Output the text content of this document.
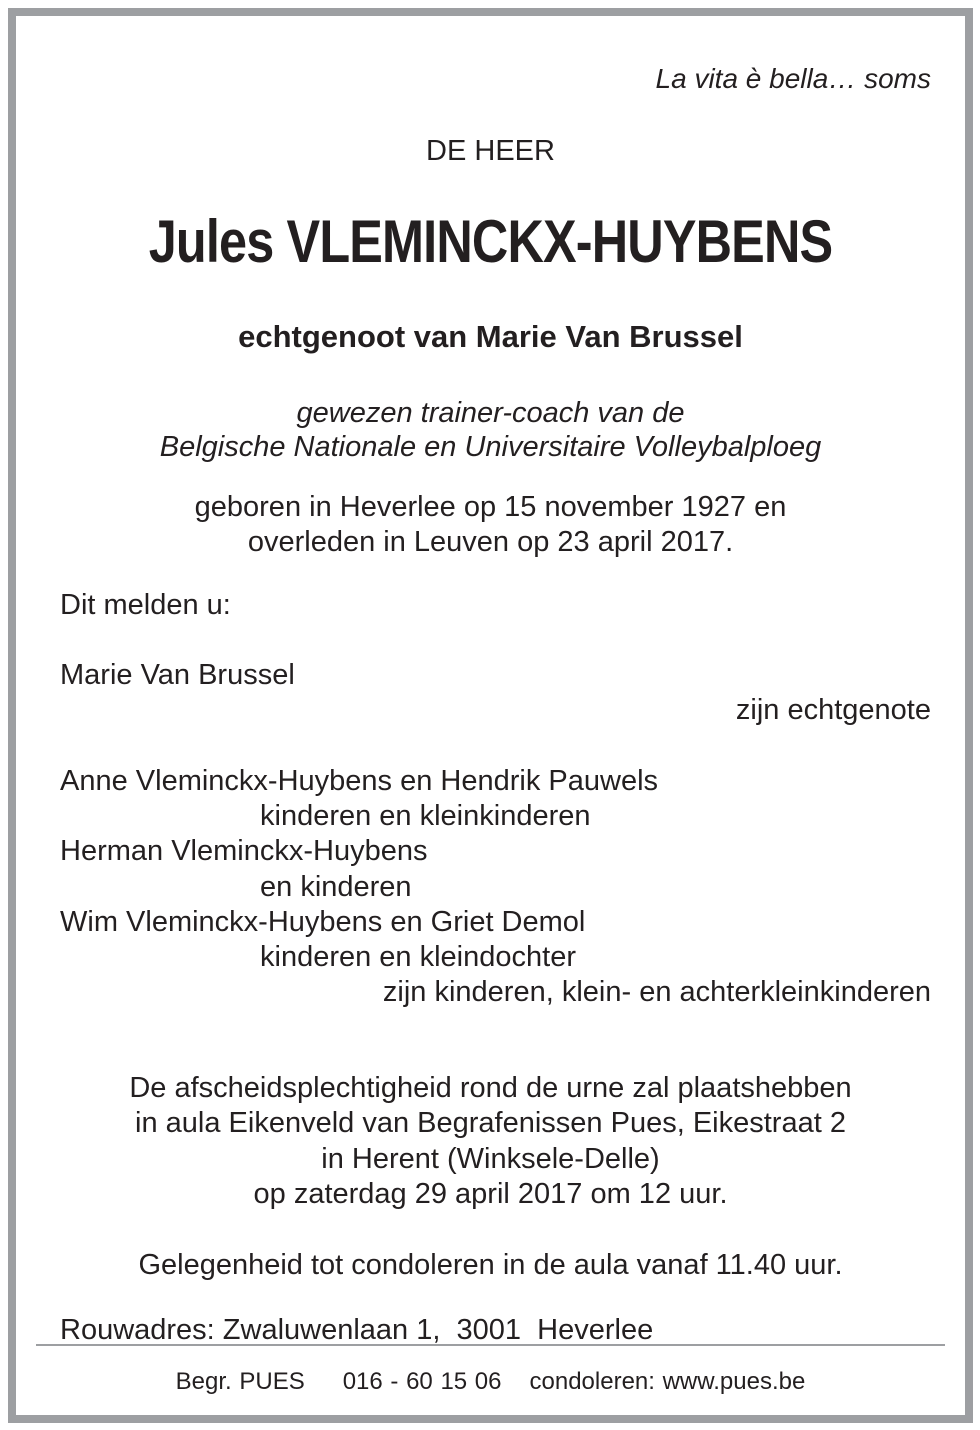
La vita è bella… soms
DE HEER
Jules VLEMINCKX-HUYBENS
echtgenoot van Marie Van Brussel
gewezen trainer-coach van de
Belgische Nationale en Universitaire Volleybalploeg
geboren in Heverlee op 15 november 1927 en
overleden in Leuven op 23 april 2017.
Dit melden u:
Marie Van Brussel
zijn echtgenote
Anne Vleminckx-Huybens en Hendrik Pauwels
kinderen en kleinkinderen
Herman Vleminckx-Huybens
en kinderen
Wim Vleminckx-Huybens en Griet Demol
kinderen en kleindochter
zijn kinderen, klein- en achterkleinkinderen
De afscheidsplechtigheid rond de urne zal plaatshebben
in aula Eikenveld van Begrafenissen Pues, Eikestraat 2
in Herent (Winksele-Delle)
op zaterdag 29 april 2017 om 12 uur.
Gelegenheid tot condoleren in de aula vanaf 11.40 uur.
Rouwadres: Zwaluwenlaan 1,  3001  Heverlee
Begr. PUES 016 - 60 15 06 condoleren: www.pues.be
